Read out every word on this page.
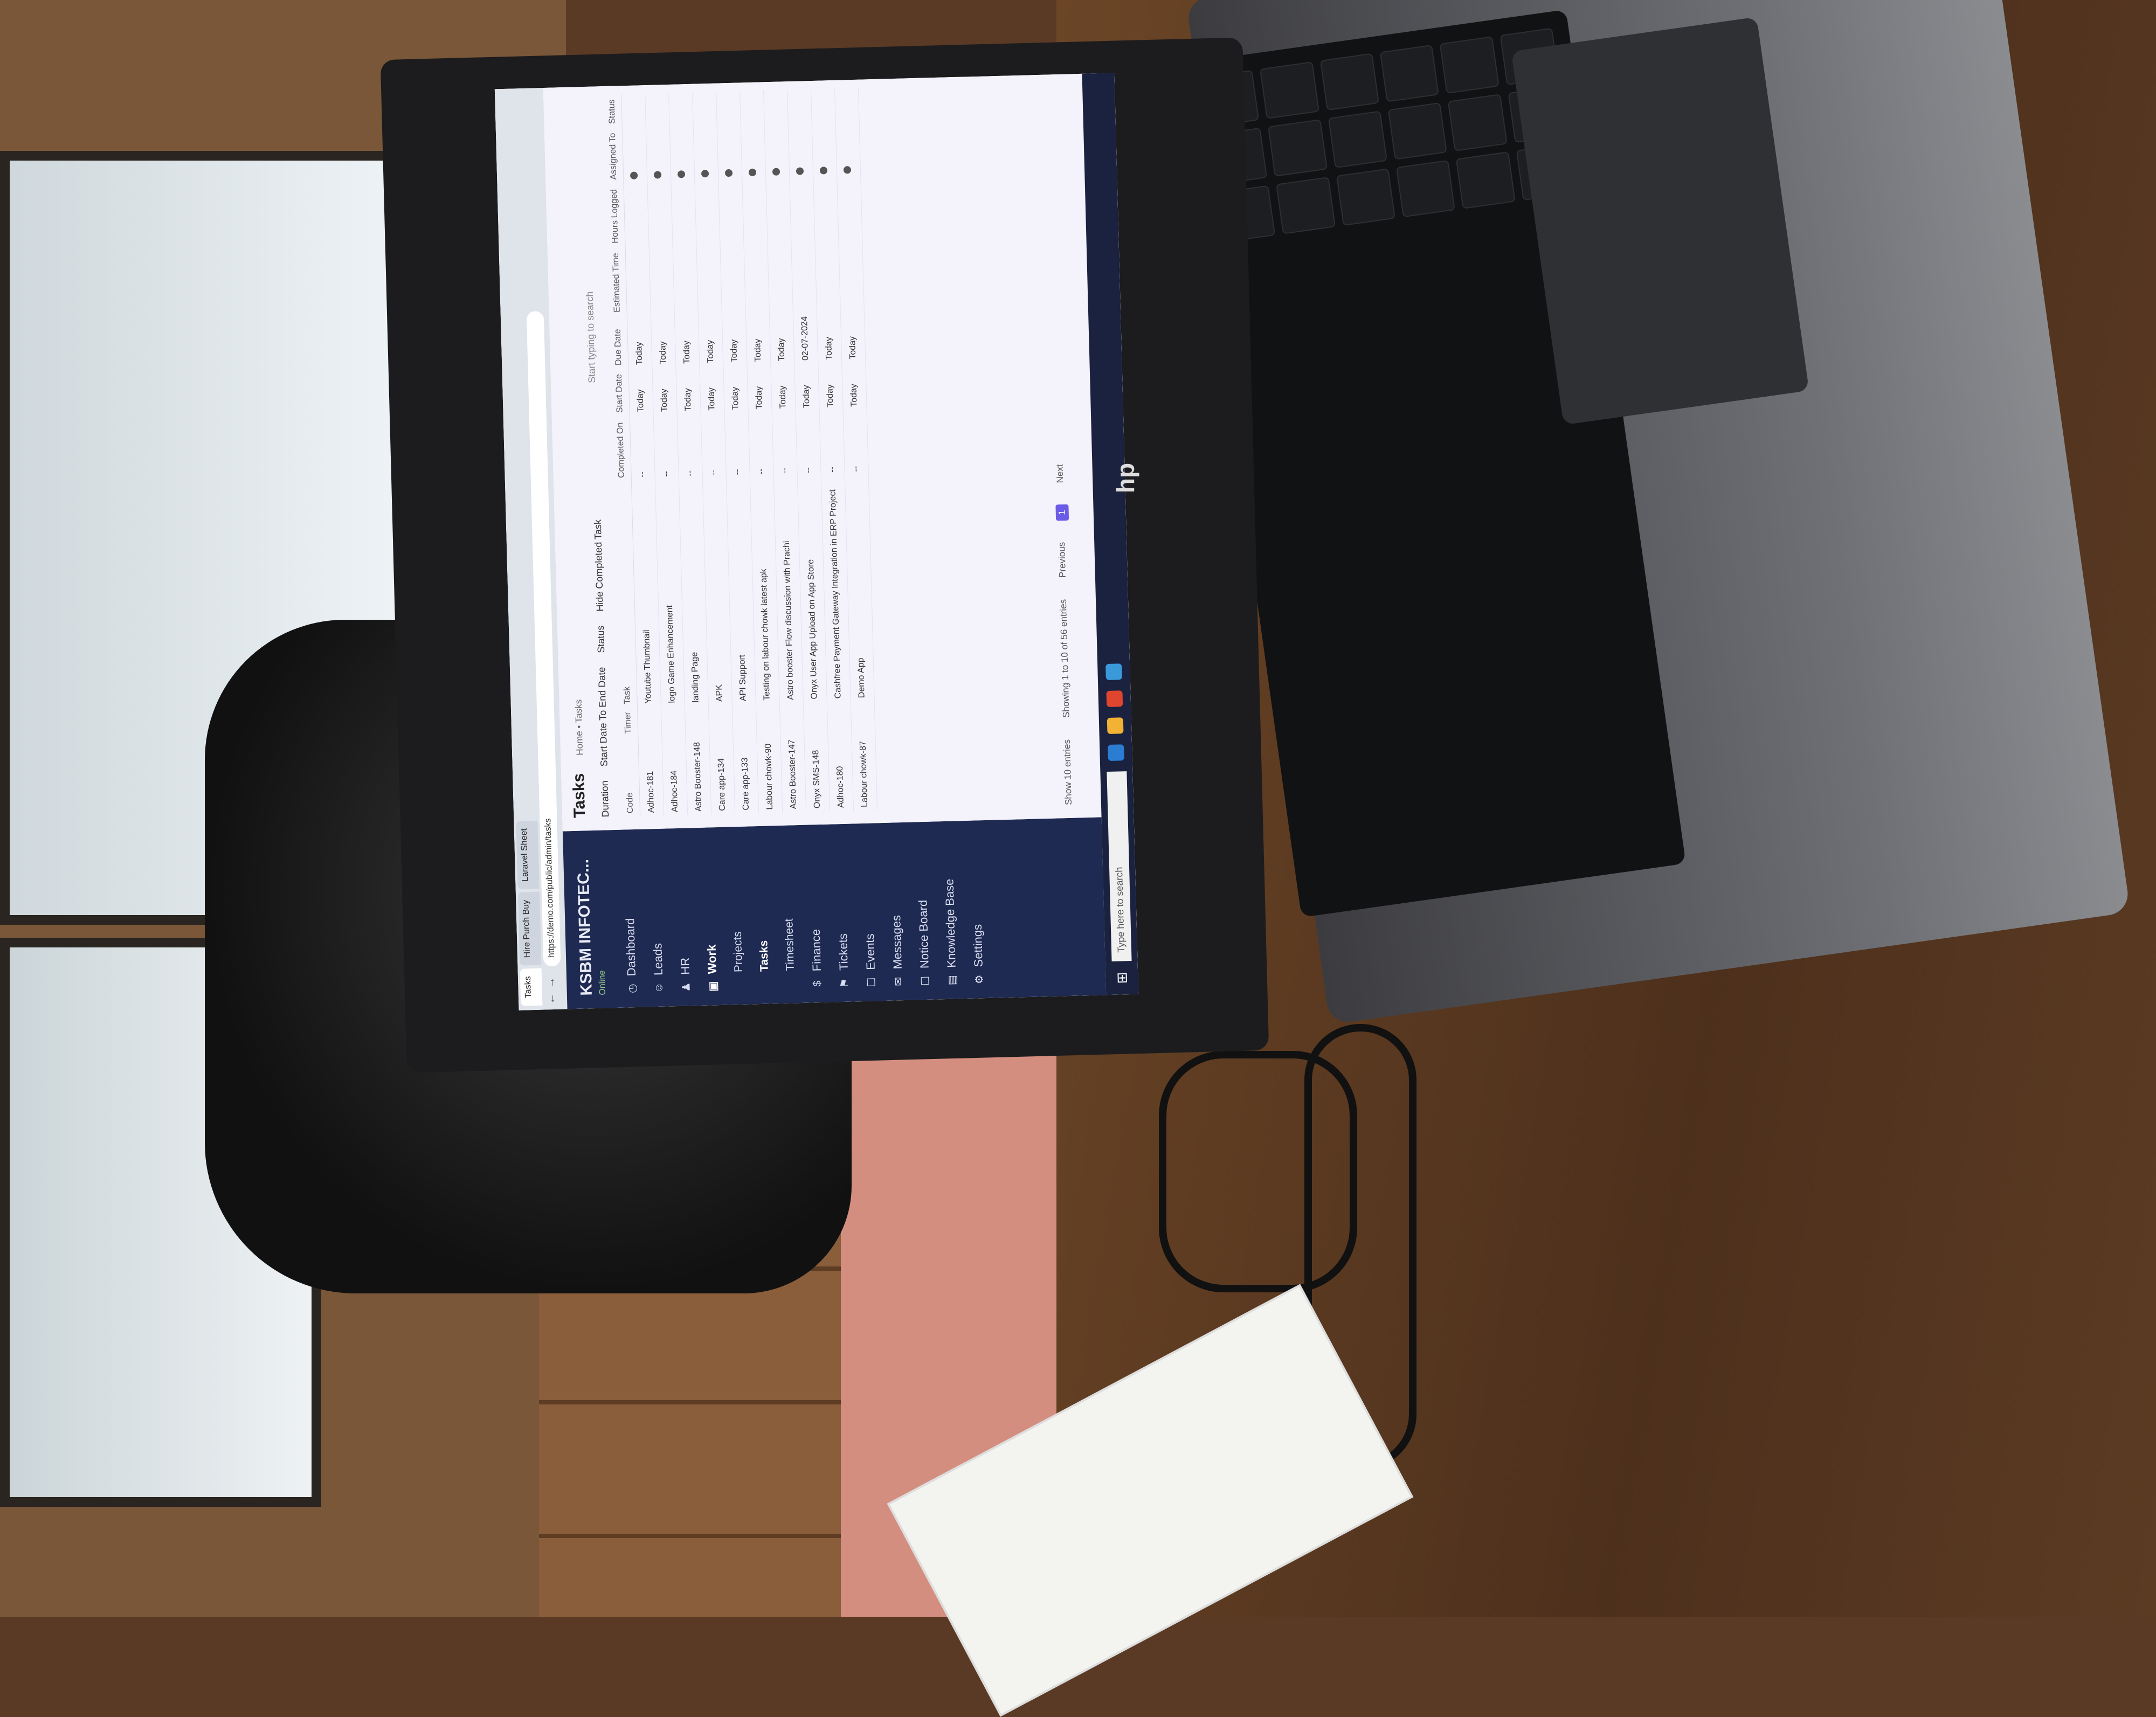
Tasks
Hire Purch Buy
Laravel Sheet
←
→
https://demo.com/public/admin/tasks	KSBM INFOTEC... Online ◷
Dashboard
☺
Leads
♟
HR
▣
Work Projects Tasks Timesheet
$
Finance
⚑
Tickets
☐
Events
✉
Messages
☐
Notice Board
▤
Knowledge Base
⚙
Settings
Tasks
Home • Tasks
Duration
Start Date To End Date
Status
Hide Completed Task
Start typing to search
Code	Timer	Task	Completed On	Start Date	Due Date	Estimated Time	Hours Logged	Assigned To	Status
Adhoc-181		Youtube Thumbnail	--	Today	Today				
Adhoc-184		logo Game Enhancement	--	Today	Today				
Astro Booster-148		landing Page	--	Today	Today				
Care app-134		APK	--	Today	Today				
Care app-133		API Support	--	Today	Today				
Labour chowk-90		Testing on labour chowk latest apk	--	Today	Today				
Astro Booster-147		Astro booster Flow discussion with Prachi	--	Today	Today				
Onyx SMS-148		Onyx User App Upload on App Store	--	Today	02-07-2024				
Adhoc-180		Cashfree Payment Gateway Integration in ERP Project	--	Today	Today				
Labour chowk-87		Demo App	--	Today	Today				
Show 10 entries
Showing 1 to 10 of 56 entries
Previous
1
Next
⊞
Type here to search
hp
